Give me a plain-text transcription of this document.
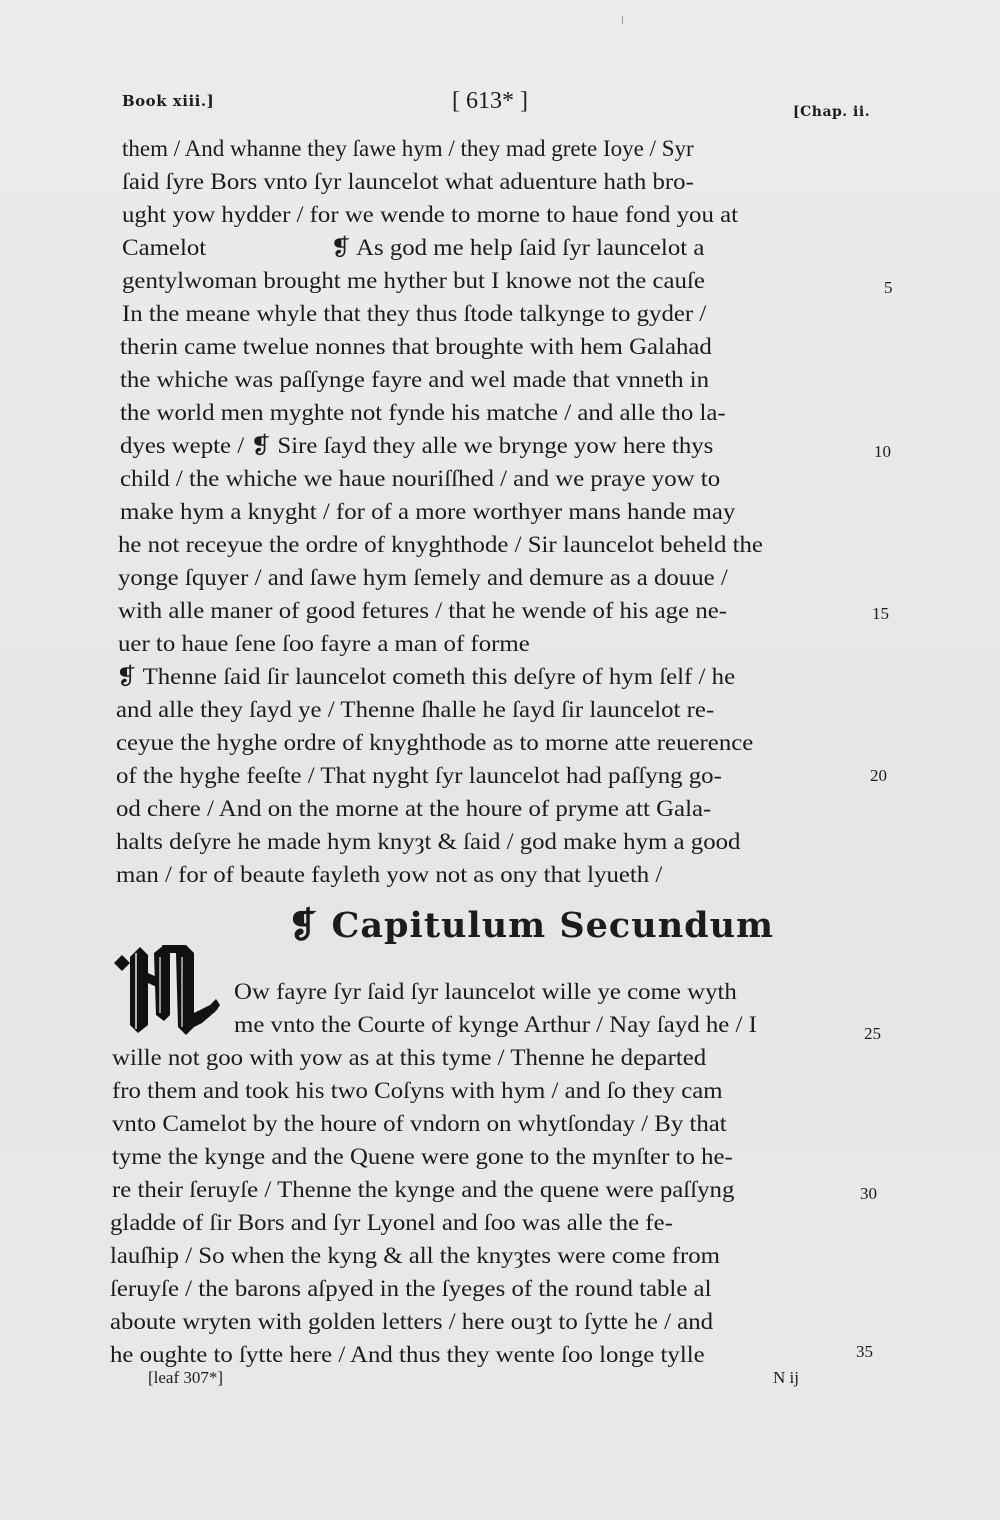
Book xiii.]	[ 613* ]	[Chap. ii.
them / And whanne they ſawe hym / they mad grete Ioye / Syr
ſaid ſyre Bors vnto ſyr launcelot what aduenture hath bro-
ught yow hydder / for we wende to morne to haue fond you at
Camelot                    ❡ As god me help ſaid ſyr launcelot a
gentylwoman brought me hyther but I knowe not the cauſe
In the meane whyle that they thus ſtode talkynge to gyder /
therin came twelue nonnes that broughte with hem Galahad
the whiche was paſſynge fayre and wel made that vnneth in
the world men myghte not fynde his matche / and alle tho la-
dyes wepte / ❡ Sire ſayd they alle we brynge yow here thys
child / the whiche we haue nouriſſhed / and we praye yow to
make hym a knyght / for of a more worthyer mans hande may
he not receyue the ordre of knyghthode / Sir launcelot beheld the
yonge ſquyer / and ſawe hym ſemely and demure as a douue /
with alle maner of good fetures / that he wende of his age ne-
uer to haue ſene ſoo fayre a man of forme
❡ Thenne ſaid ſir launcelot cometh this deſyre of hym ſelf / he
and alle they ſayd ye / Thenne ſhalle he ſayd ſir launcelot re-
ceyue the hyghe ordre of knyghthode as to morne atte reuerence
of the hyghe feeſte / That nyght ſyr launcelot had paſſyng go-
od chere / And on the morne at the houre of pryme att Gala-
halts deſyre he made hym knyȝt & ſaid / god make hym a good
man / for of beaute fayleth yow not as ony that lyueth /
❡ Capitulum Secundum
Ow fayre ſyr ſaid ſyr launcelot wille ye come wyth
me vnto the Courte of kynge Arthur / Nay ſayd he / I
wille not goo with yow as at this tyme / Thenne he departed
fro them and took his two Coſyns with hym / and ſo they cam
vnto Camelot by the houre of vndorn on whytſonday / By that
tyme the kynge and the Quene were gone to the mynſter to he-
re their ſeruyſe / Thenne the kynge and the quene were paſſyng
gladde of ſir Bors and ſyr Lyonel and ſoo was alle the fe-
lauſhip / So when the kyng & all the knyȝtes were come from
ſeruyſe / the barons aſpyed in the ſyeges of the round table al
aboute wryten with golden letters / here ouȝt to ſytte he / and
he oughte to ſytte here / And thus they wente ſoo longe tylle
5
10
15
20
25
30
35
[leaf 307*]	N ij
